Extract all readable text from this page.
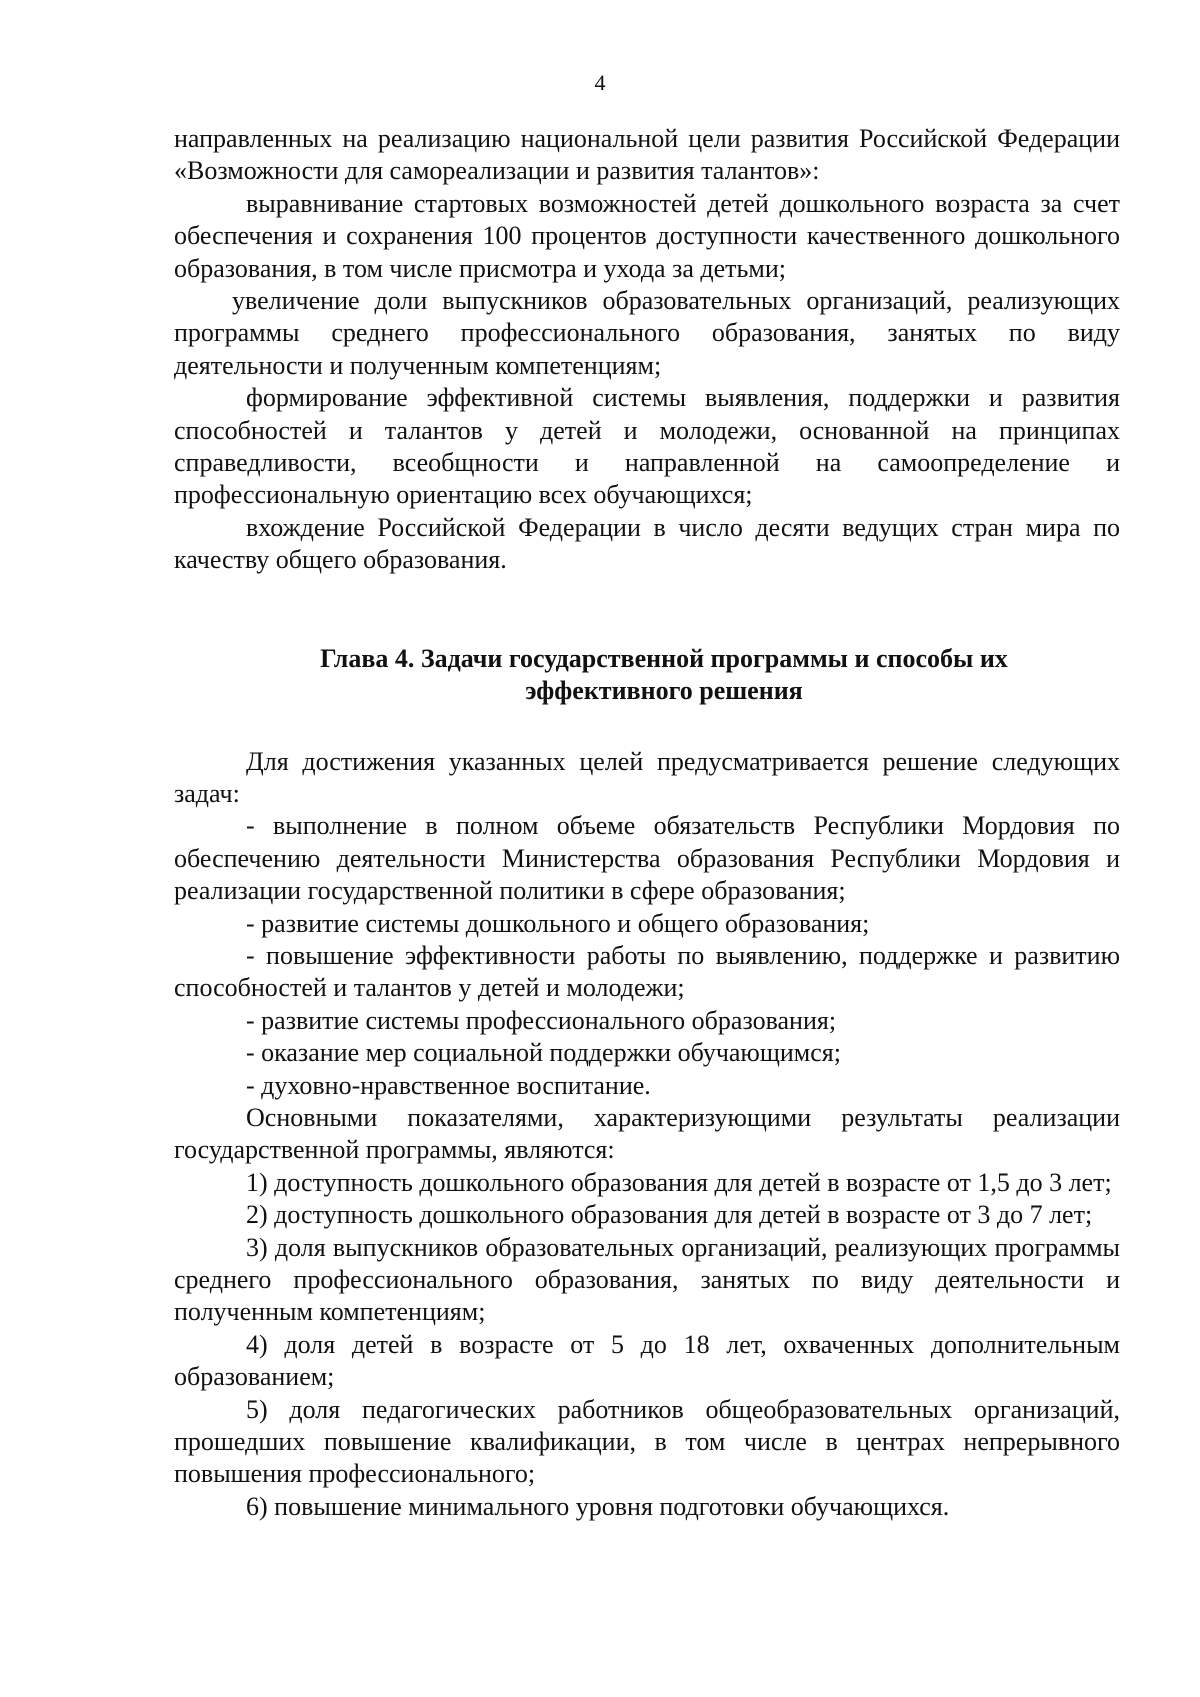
4

направленных на реализацию национальной цели развития Российской Федерации «Возможности для самореализации и развития талантов»:

выравнивание стартовых возможностей детей дошкольного возраста за счет обеспечения и сохранения 100 процентов доступности качественного дошкольного образования, в том числе присмотра и ухода за детьми;

увеличение доли выпускников образовательных организаций, реализующих программы среднего профессионального образования, занятых по виду деятельности и полученным компетенциям;

формирование эффективной системы выявления, поддержки и развития способностей и талантов у детей и молодежи, основанной на принципах справедливости, всеобщности и направленной на самоопределение и профессиональную ориентацию всех обучающихся;

вхождение Российской Федерации в число десяти ведущих стран мира по качеству общего образования.

Глава 4. Задачи государственной программы и способы их
эффективного решения

Для достижения указанных целей предусматривается решение следующих задач:

- выполнение в полном объеме обязательств Республики Мордовия по обеспечению деятельности Министерства образования Республики Мордовия и реализации государственной политики в сфере образования;

- развитие системы дошкольного и общего образования;

- повышение эффективности работы по выявлению, поддержке и развитию способностей и талантов у детей и молодежи;

- развитие системы профессионального образования;

- оказание мер социальной поддержки обучающимся;

- духовно-нравственное воспитание.

Основными показателями, характеризующими результаты реализации государственной программы, являются:

1) доступность дошкольного образования для детей в возрасте от 1,5 до 3 лет;

2) доступность дошкольного образования для детей в возрасте от 3 до 7 лет;

3) доля выпускников образовательных организаций, реализующих программы среднего профессионального образования, занятых по виду деятельности и полученным компетенциям;

4) доля детей в возрасте от 5 до 18 лет, охваченных дополнительным образованием;

5) доля педагогических работников общеобразовательных организаций, прошедших повышение квалификации, в том числе в центрах непрерывного повышения профессионального;

6) повышение минимального уровня подготовки обучающихся.
